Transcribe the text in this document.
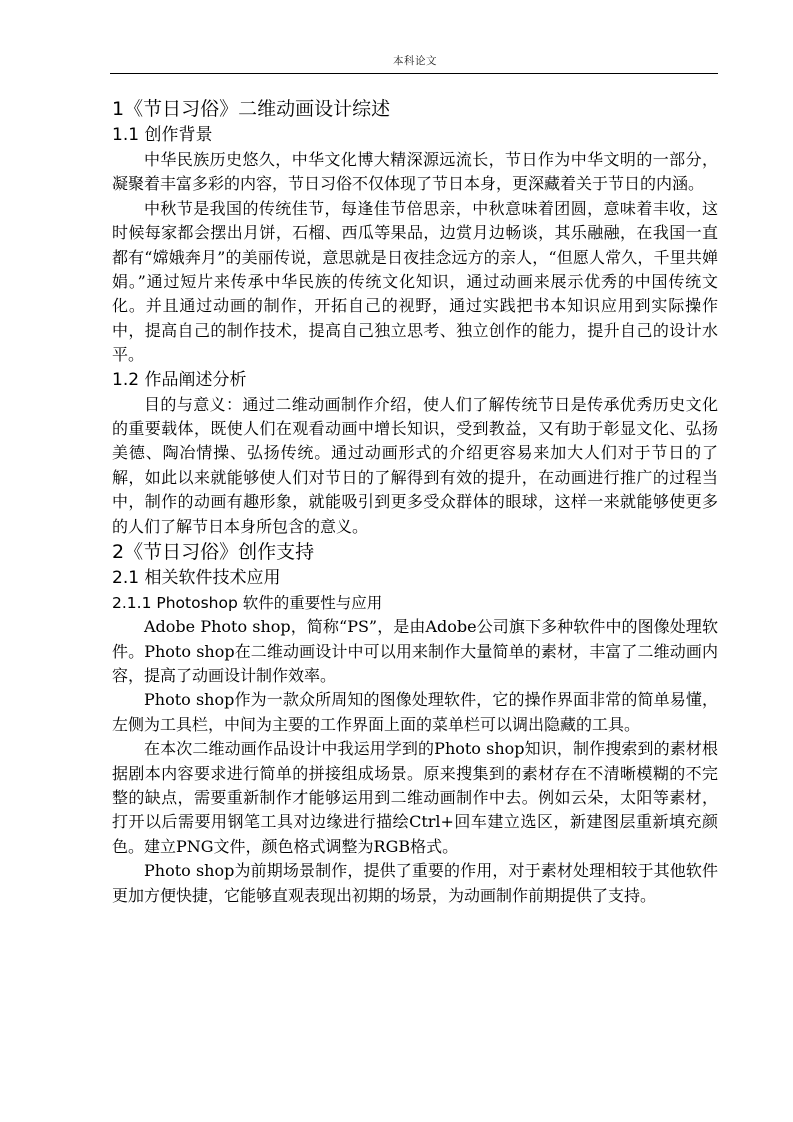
本科论文
1《节日习俗》二维动画设计综述
1.1 创作背景

中华民族历史悠久，中华文化博大精深源远流长，节日作为中华文明的一部分，凝聚着丰富多彩的内容，节日习俗不仅体现了节日本身，更深藏着关于节日的内涵。

中秋节是我国的传统佳节，每逢佳节倍思亲，中秋意味着团圆，意味着丰收，这时候每家都会摆出月饼，石榴、西瓜等果品，边赏月边畅谈，其乐融融，在我国一直都有“嫦娥奔月”的美丽传说，意思就是日夜挂念远方的亲人，“但愿人常久，千里共婵娟。”通过短片来传承中华民族的传统文化知识，通过动画来展示优秀的中国传统文化。并且通过动画的制作，开拓自己的视野，通过实践把书本知识应用到实际操作中，提高自己的制作技术，提高自己独立思考、独立创作的能力，提升自己的设计水平。

1.2 作品阐述分析

目的与意义：通过二维动画制作介绍，使人们了解传统节日是传承优秀历史文化的重要载体，既使人们在观看动画中增长知识，受到教益，又有助于彰显文化、弘扬美德、陶冶情操、弘扬传统。通过动画形式的介绍更容易来加大人们对于节日的了解，如此以来就能够使人们对节日的了解得到有效的提升，在动画进行推广的过程当中，制作的动画有趣形象，就能吸引到更多受众群体的眼球，这样一来就能够使更多的人们了解节日本身所包含的意义。

2《节日习俗》创作支持
2.1 相关软件技术应用
2.1.1 Photoshop 软件的重要性与应用

Adobe Photo shop，简称“PS”，是由Adobe公司旗下多种软件中的图像处理软件。Photo shop在二维动画设计中可以用来制作大量简单的素材，丰富了二维动画内容，提高了动画设计制作效率。

Photo shop作为一款众所周知的图像处理软件，它的操作界面非常的简单易懂，左侧为工具栏，中间为主要的工作界面上面的菜单栏可以调出隐藏的工具。

在本次二维动画作品设计中我运用学到的Photo shop知识，制作搜索到的素材根据剧本内容要求进行简单的拼接组成场景。原来搜集到的素材存在不清晰模糊的不完整的缺点，需要重新制作才能够运用到二维动画制作中去。例如云朵，太阳等素材，打开以后需要用钢笔工具对边缘进行描绘Ctrl+回车建立选区，新建图层重新填充颜色。建立PNG文件，颜色格式调整为RGB格式。

Photo shop为前期场景制作，提供了重要的作用，对于素材处理相较于其他软件更加方便快捷，它能够直观表现出初期的场景，为动画制作前期提供了支持。
